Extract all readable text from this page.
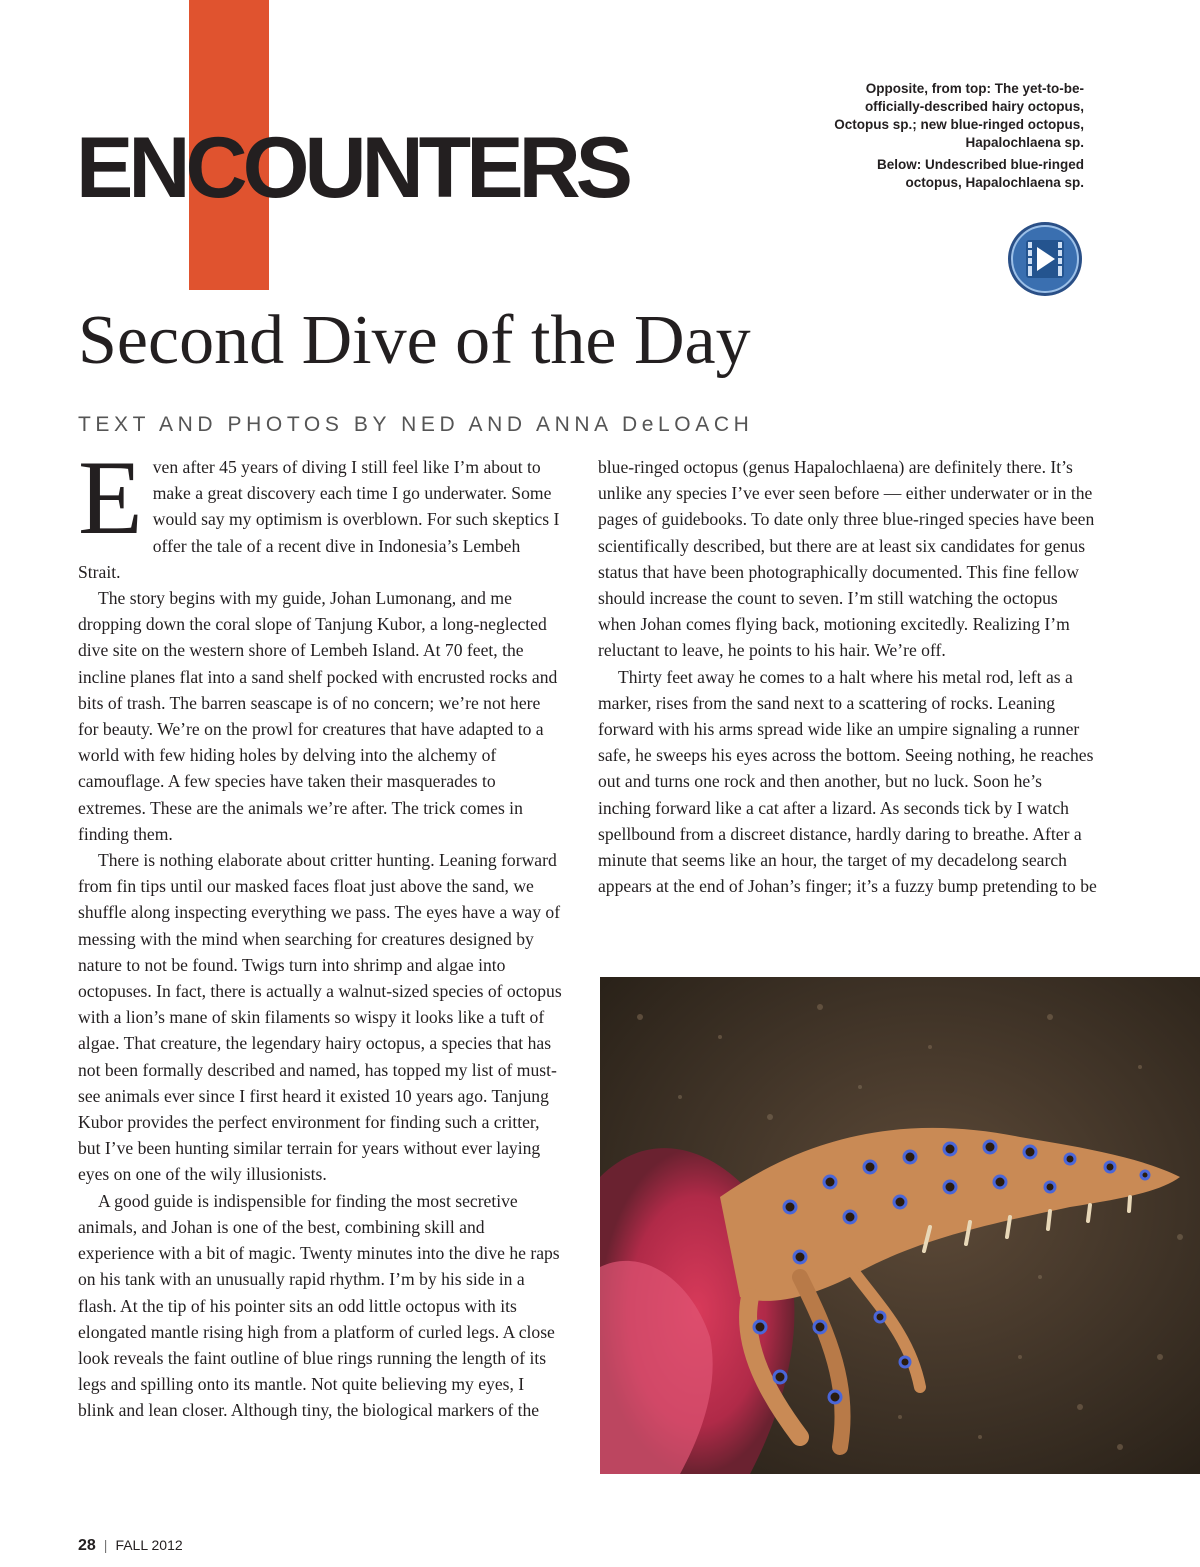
ENCOUNTERS

Opposite, from top: The yet-to-be-officially-described hairy octopus, Octopus sp.; new blue-ringed octopus, Hapalochlaena sp.

Below: Undescribed blue-ringed octopus, Hapalochlaena sp.

Second Dive of the Day
TEXT AND PHOTOS BY NED AND ANNA DeLOACH

Even after 45 years of diving I still feel like I’m about to make a great discovery each time I go underwater. Some would say my optimism is overblown. For such skeptics I offer the tale of a recent dive in Indonesia’s Lembeh Strait.

The story begins with my guide, Johan Lumonang, and me dropping down the coral slope of Tanjung Kubor, a long-neglected dive site on the western shore of Lembeh Island. At 70 feet, the incline planes flat into a sand shelf pocked with encrusted rocks and bits of trash. The barren seascape is of no concern; we’re not here for beauty. We’re on the prowl for creatures that have adapted to a world with few hiding holes by delving into the alchemy of camouflage. A few species have taken their masquerades to extremes. These are the animals we’re after. The trick comes in finding them.

There is nothing elaborate about critter hunting. Leaning forward from fin tips until our masked faces float just above the sand, we shuffle along inspecting everything we pass. The eyes have a way of messing with the mind when searching for creatures designed by nature to not be found. Twigs turn into shrimp and algae into octopuses. In fact, there is actually a walnut-sized species of octopus with a lion’s mane of skin filaments so wispy it looks like a tuft of algae. That creature, the legendary hairy octopus, a species that has not been formally described and named, has topped my list of must-see animals ever since I first heard it existed 10 years ago. Tanjung Kubor provides the perfect environment for finding such a critter, but I’ve been hunting similar terrain for years without ever laying eyes on one of the wily illusionists.

A good guide is indispensible for finding the most secretive animals, and Johan is one of the best, combining skill and experience with a bit of magic. Twenty minutes into the dive he raps on his tank with an unusually rapid rhythm. I’m by his side in a flash. At the tip of his pointer sits an odd little octopus with its elongated mantle rising high from a platform of curled legs. A close look reveals the faint outline of blue rings running the length of its legs and spilling onto its mantle. Not quite believing my eyes, I blink and lean closer. Although tiny, the biological markers of the

blue-ringed octopus (genus Hapalochlaena) are definitely there. It’s unlike any species I’ve ever seen before — either underwater or in the pages of guidebooks. To date only three blue-ringed species have been scientifically described, but there are at least six candidates for genus status that have been photographically documented. This fine fellow should increase the count to seven. I’m still watching the octopus when Johan comes flying back, motioning excitedly. Realizing I’m reluctant to leave, he points to his hair. We’re off.

Thirty feet away he comes to a halt where his metal rod, left as a marker, rises from the sand next to a scattering of rocks. Leaning forward with his arms spread wide like an umpire signaling a runner safe, he sweeps his eyes across the bottom. Seeing nothing, he reaches out and turns one rock and then another, but no luck. Soon he’s inching forward like a cat after a lizard. As seconds tick by I watch spellbound from a discreet distance, hardly daring to breathe. After a minute that seems like an hour, the target of my decadelong search appears at the end of Johan’s finger; it’s a fuzzy bump pretending to be

28 | FALL 2012
